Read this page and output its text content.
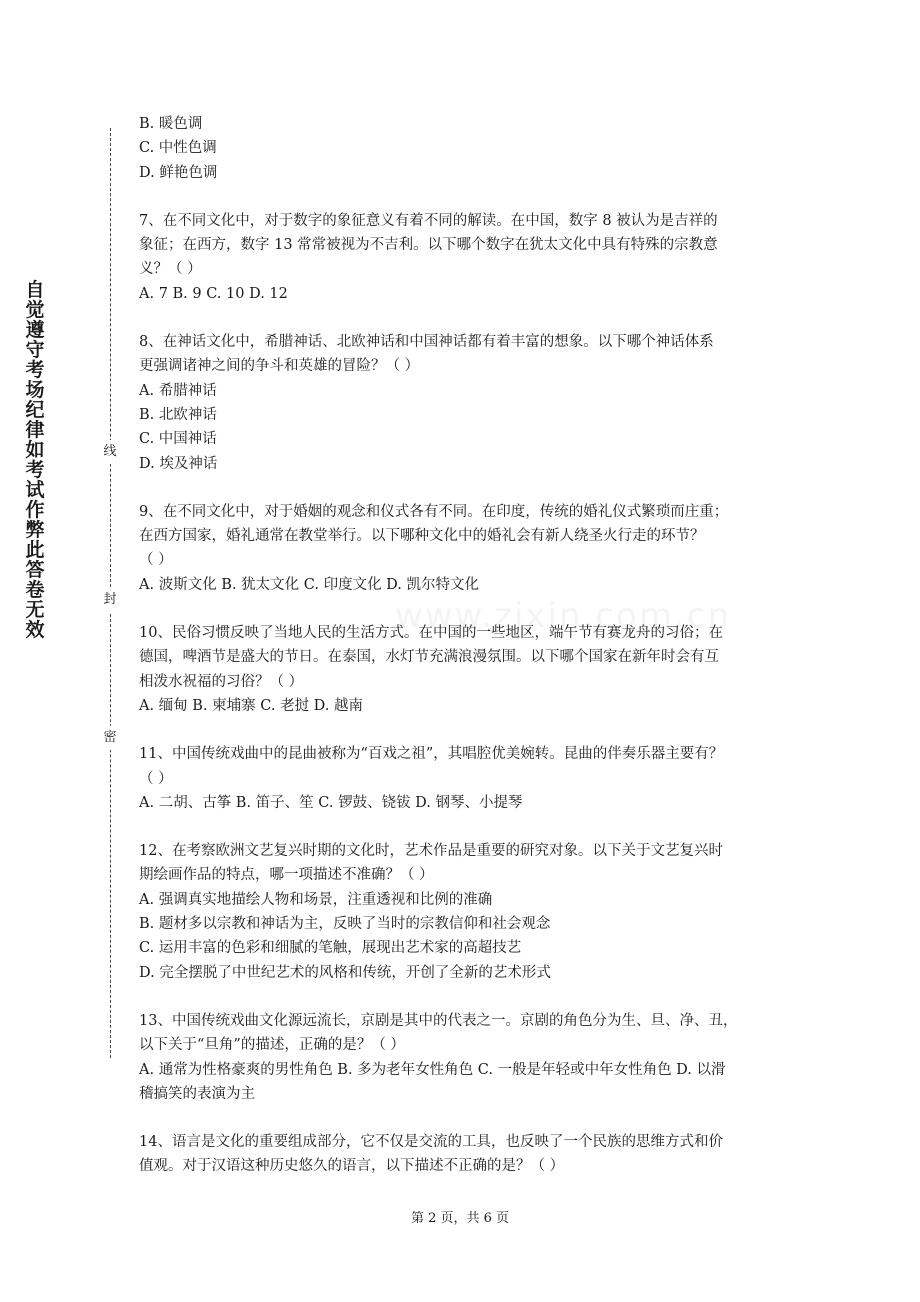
自觉遵守考场纪律如考试作弊此答卷无效
线
封
密

B. 暖色调

C. 中性色调

D. 鲜艳色调

7、在不同文化中，对于数字的象征意义有着不同的解读。在中国，数字 8 被认为是吉祥的

象征；在西方，数字 13 常常被视为不吉利。以下哪个数字在犹太文化中具有特殊的宗教意

义？（ ）

A. 7 B. 9 C. 10 D. 12

8、在神话文化中，希腊神话、北欧神话和中国神话都有着丰富的想象。以下哪个神话体系

更强调诸神之间的争斗和英雄的冒险？（ ）

A. 希腊神话

B. 北欧神话

C. 中国神话

D. 埃及神话

9、在不同文化中，对于婚姻的观念和仪式各有不同。在印度，传统的婚礼仪式繁琐而庄重；

在西方国家，婚礼通常在教堂举行。以下哪种文化中的婚礼会有新人绕圣火行走的环节？

（ ）

A. 波斯文化 B. 犹太文化 C. 印度文化 D. 凯尔特文化

10、民俗习惯反映了当地人民的生活方式。在中国的一些地区，端午节有赛龙舟的习俗；在

德国，啤酒节是盛大的节日。在泰国，水灯节充满浪漫氛围。以下哪个国家在新年时会有互

相泼水祝福的习俗？（ ）

A. 缅甸 B. 柬埔寨 C. 老挝 D. 越南

11、中国传统戏曲中的昆曲被称为“百戏之祖”，其唱腔优美婉转。昆曲的伴奏乐器主要有？

（ ）

A. 二胡、古筝 B. 笛子、笙 C. 锣鼓、铙钹 D. 钢琴、小提琴

12、在考察欧洲文艺复兴时期的文化时，艺术作品是重要的研究对象。以下关于文艺复兴时

期绘画作品的特点，哪一项描述不准确？（ ）

A. 强调真实地描绘人物和场景，注重透视和比例的准确

B. 题材多以宗教和神话为主，反映了当时的宗教信仰和社会观念

C. 运用丰富的色彩和细腻的笔触，展现出艺术家的高超技艺

D. 完全摆脱了中世纪艺术的风格和传统，开创了全新的艺术形式

13、中国传统戏曲文化源远流长，京剧是其中的代表之一。京剧的角色分为生、旦、净、丑，

以下关于“旦角”的描述，正确的是？（ ）

A. 通常为性格豪爽的男性角色 B. 多为老年女性角色 C. 一般是年轻或中年女性角色 D. 以滑

稽搞笑的表演为主

14、语言是文化的重要组成部分，它不仅是交流的工具，也反映了一个民族的思维方式和价

值观。对于汉语这种历史悠久的语言，以下描述不正确的是？（ ）

第 2 页，共 6 页
